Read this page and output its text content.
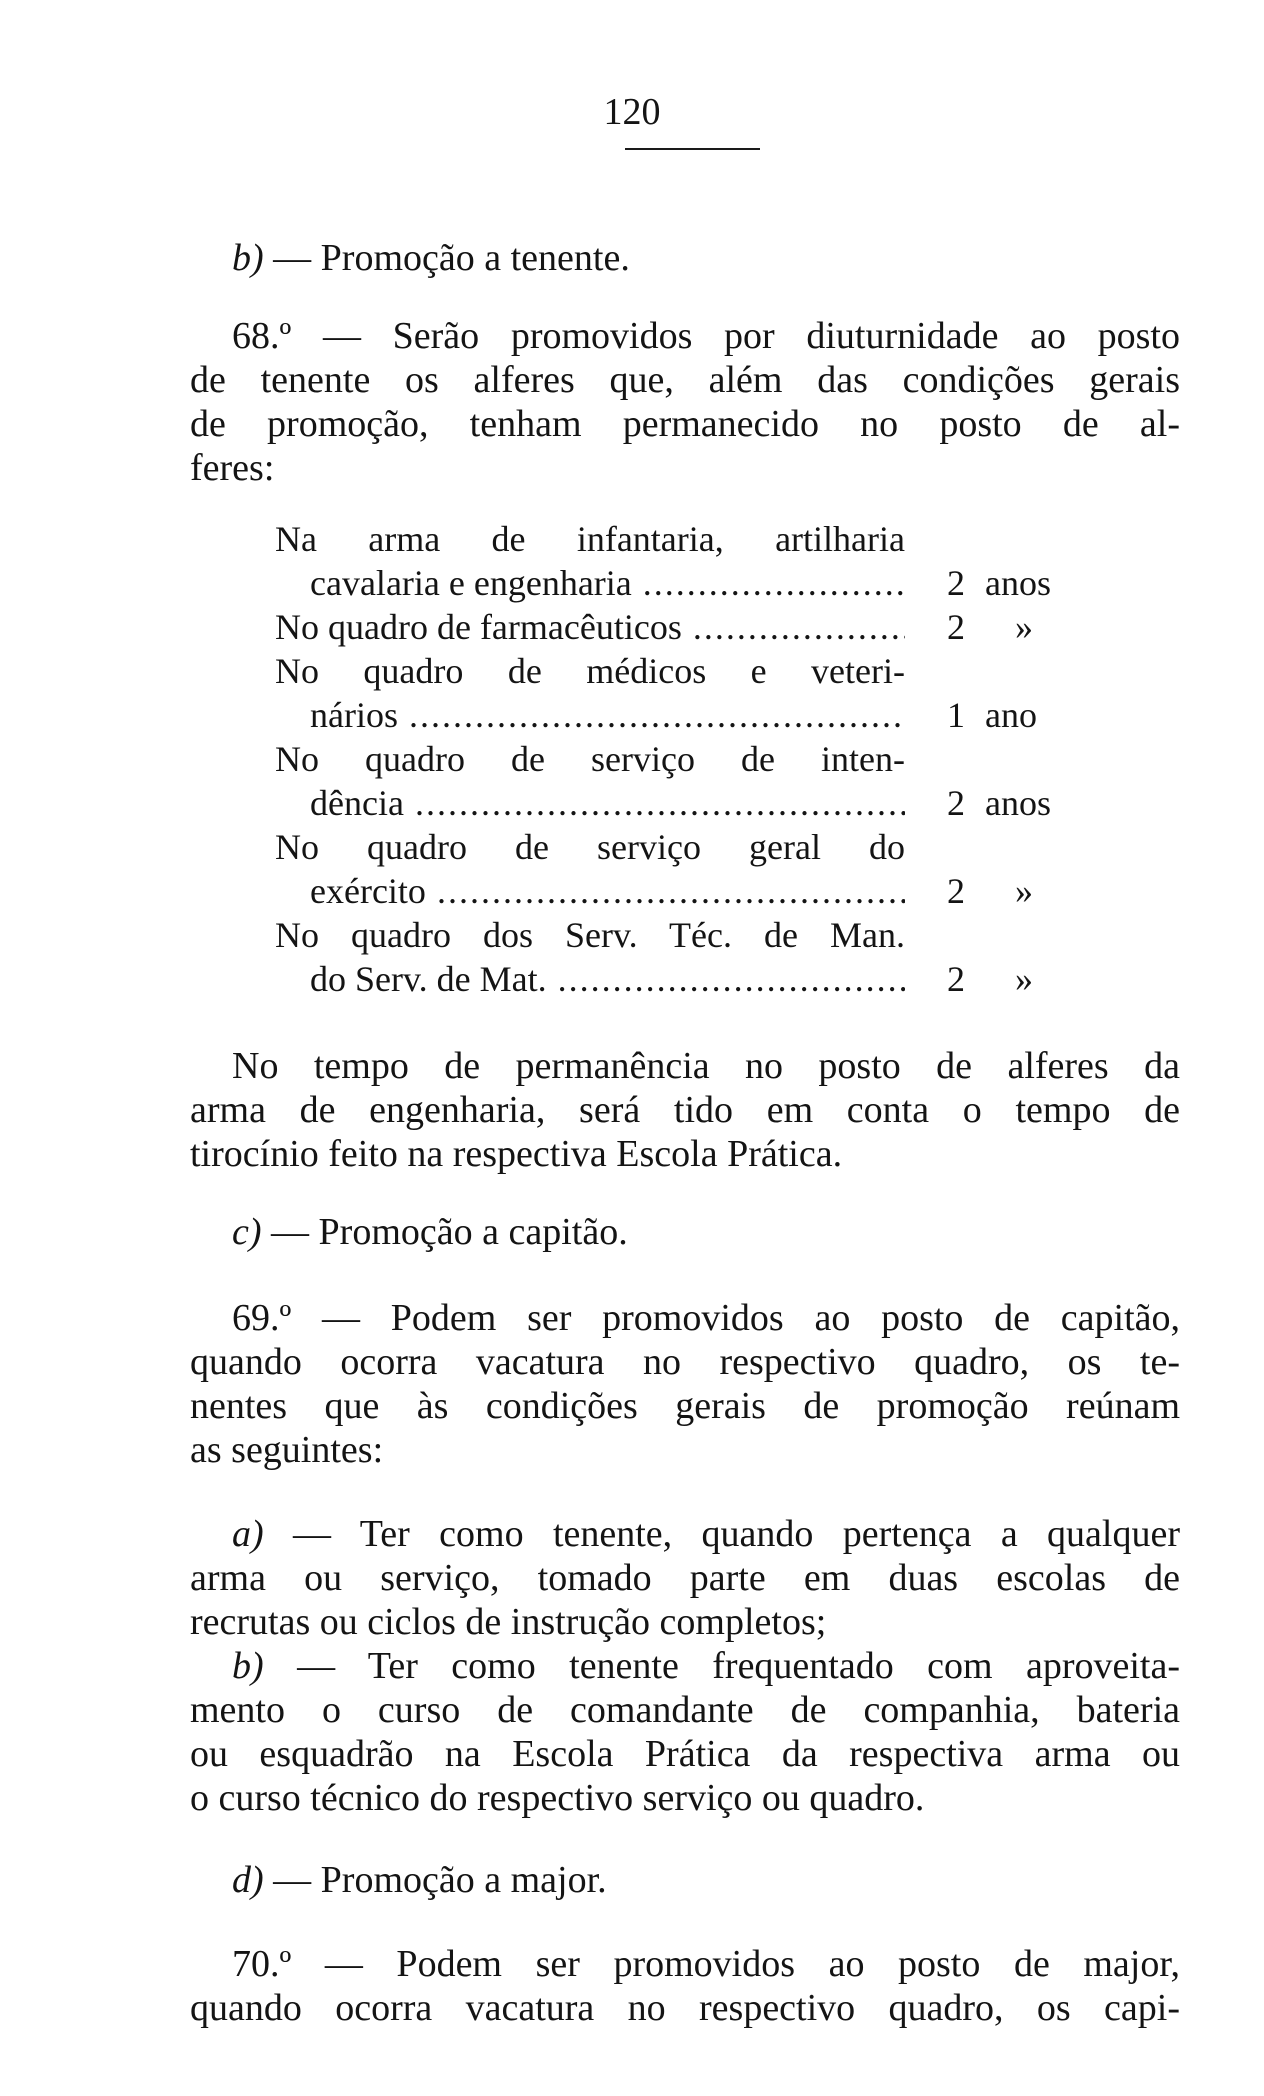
120
b) — Promoção a tenente.
68.º — Serão promovidos por diuturnidade ao posto
de tenente os alferes que, além das condições gerais
de promoção, tenham permanecido no posto de al-
feres:
Na arma de infantaria, artilharia
cavalaria e engenharia .....	2 anos
No quadro de farmacêuticos .....	2 »
No quadro de médicos e veteri-
nários .....	1 ano
No quadro de serviço de inten-
dência .....	2 anos
No quadro de serviço geral do
exército .....	2 »
No quadro dos Serv. Téc. de Man.
do Serv. de Mat. .....	2 »
No tempo de permanência no posto de alferes da
arma de engenharia, será tido em conta o tempo de
tirocínio feito na respectiva Escola Prática.
c) — Promoção a capitão.
69.º — Podem ser promovidos ao posto de capitão,
quando ocorra vacatura no respectivo quadro, os te-
nentes que às condições gerais de promoção reúnam
as seguintes:
a) — Ter como tenente, quando pertença a qualquer
arma ou serviço, tomado parte em duas escolas de
recrutas ou ciclos de instrução completos;
b) — Ter como tenente frequentado com aproveita-
mento o curso de comandante de companhia, bateria
ou esquadrão na Escola Prática da respectiva arma ou
o curso técnico do respectivo serviço ou quadro.
d) — Promoção a major.
70.º — Podem ser promovidos ao posto de major,
quando ocorra vacatura no respectivo quadro, os capi-
